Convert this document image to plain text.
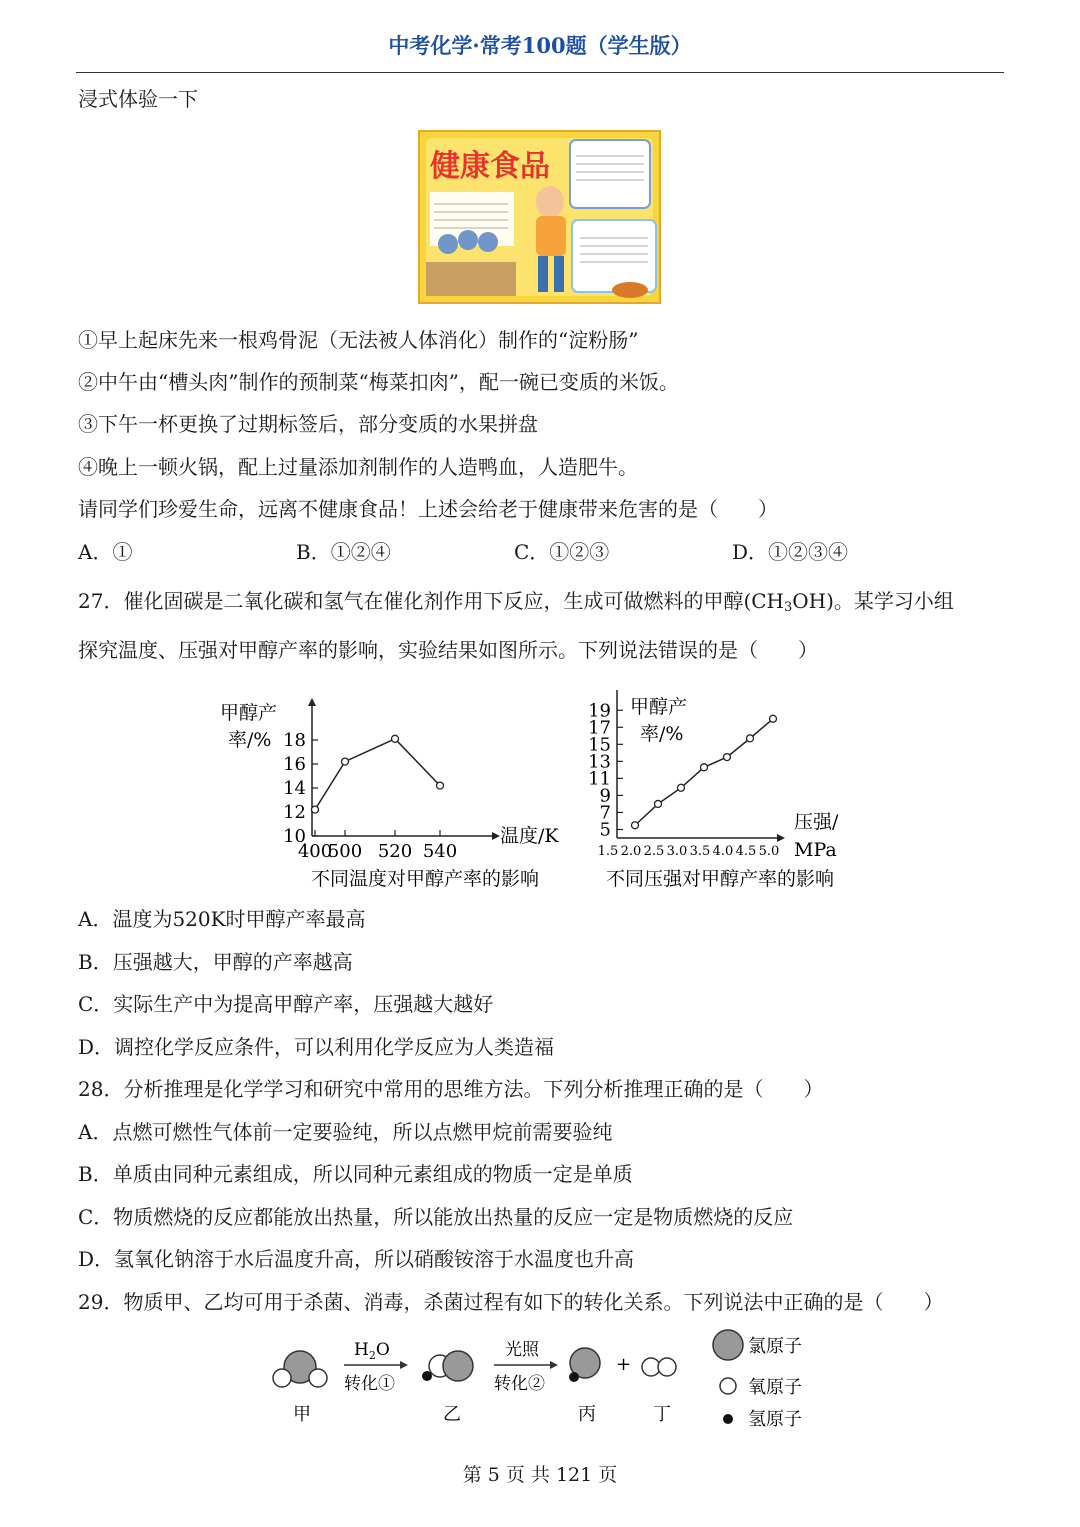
中考化学·常考100题（学生版）
浸式体验一下
健康食品
①早上起床先来一根鸡骨泥（无法被人体消化）制作的“淀粉肠”
②中午由“槽头肉”制作的预制菜“梅菜扣肉”，配一碗已变质的米饭。
③下午一杯更换了过期标签后，部分变质的水果拼盘
④晚上一顿火锅，配上过量添加剂制作的人造鸭血，人造肥牛。
请同学们珍爱生命，远离不健康食品！上述会给老于健康带来危害的是（　　）
A．①	B．①②④	C．①②③	D．①②③④
27．催化固碳是二氧化碳和氢气在催化剂作用下反应，生成可做燃料的甲醇$(CH_3OH)$。某学习小组
探究温度、压强对甲醇产率的影响，实验结果如图所示。下列说法错误的是（　　）
10
12
14
16
18
400
500 520 540
甲醇产
率/%
温度/K
不同温度对甲醇产率的影响
5
7
9
11
13
15
17
19
1.5 2.0 2.5 3.0 3.5 4.0 4.5 5.0
甲醇产
率/%
压强/
MPa
不同压强对甲醇产率的影响
A．温度为520K时甲醇产率最高
B．压强越大，甲醇的产率越高
C．实际生产中为提高甲醇产率，压强越大越好
D．调控化学反应条件，可以利用化学反应为人类造福
28．分析推理是化学学习和研究中常用的思维方法。下列分析推理正确的是（　　）
A．点燃可燃性气体前一定要验纯，所以点燃甲烷前需要验纯
B．单质由同种元素组成，所以同种元素组成的物质一定是单质
C．物质燃烧的反应都能放出热量，所以能放出热量的反应一定是物质燃烧的反应
D．氢氧化钠溶于水后温度升高，所以硝酸铵溶于水温度也升高
29．物质甲、乙均可用于杀菌、消毒，杀菌过程有如下的转化关系。下列说法中正确的是（　　）
甲
$H_2O$
转化①
乙
光照
转化②
丙
+
丁
氯原子
氧原子
氢原子
第 5 页 共 121 页
